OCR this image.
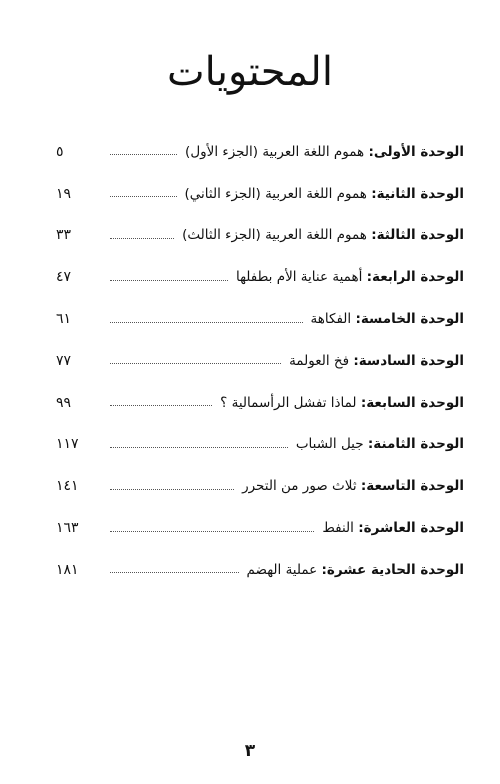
المحتويات
الوحدة الأولى: هموم اللغة العربية (الجزء الأول)
٥
الوحدة الثانية: هموم اللغة العربية (الجزء الثاني)
١٩
الوحدة الثالثة: هموم اللغة العربية (الجزء الثالث)
٣٣
الوحدة الرابعة: أهمية عناية الأم بطفلها
٤٧
الوحدة الخامسة: الفكاهة
٦١
الوحدة السادسة: فخ العولمة
٧٧
الوحدة السابعة: لماذا تفشل الرأسمالية ؟
٩٩
الوحدة الثامنة: جيل الشباب
١١٧
الوحدة التاسعة: ثلاث صور من التحرر
١٤١
الوحدة العاشرة: النفط
١٦٣
الوحدة الحادية عشرة: عملية الهضم
١٨١
٣
